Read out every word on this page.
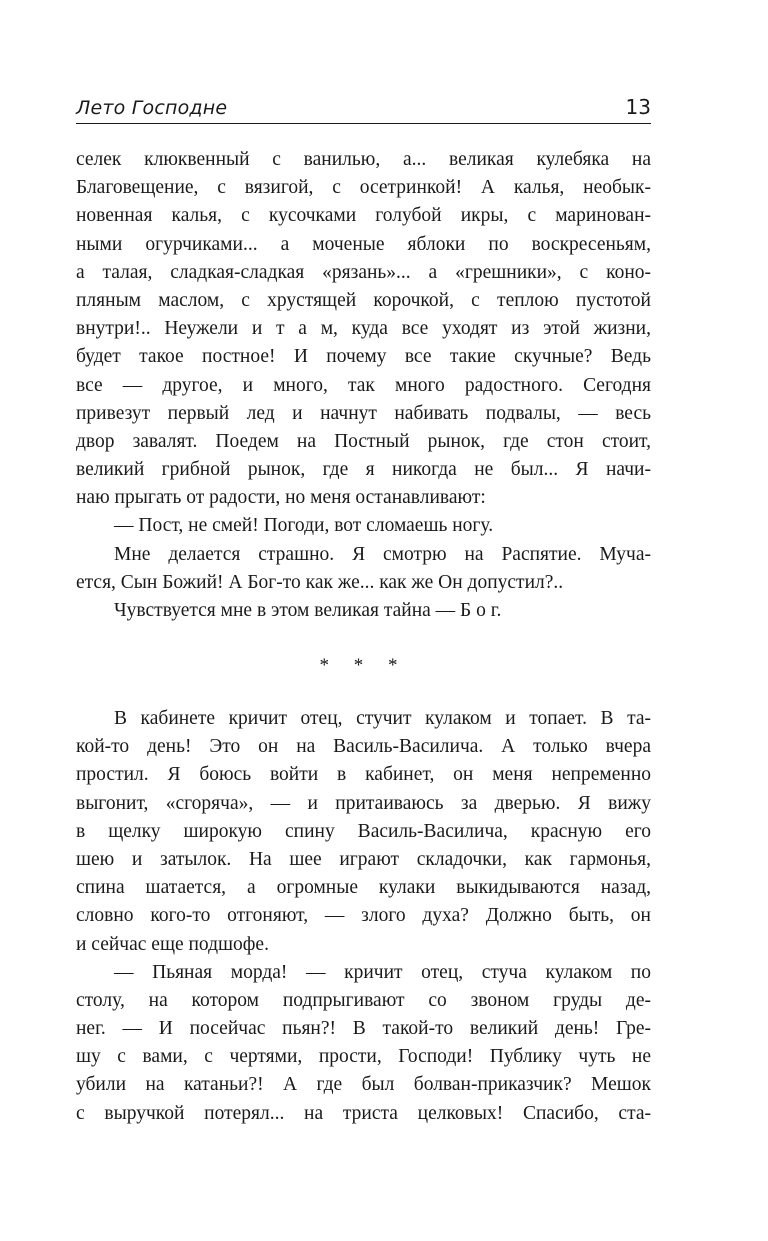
Лето Господне	13
селек клюквенный с ванилью, а... великая кулебяка на
Благовещение, с вязигой, с осетринкой! А калья, необык-
новенная калья, с кусочками голубой икры, с маринован-
ными огурчиками... а моченые яблоки по воскресеньям,
а талая, сладкая-сладкая «рязань»... а «грешники», с коно-
пляным маслом, с хрустящей корочкой, с теплою пустотой
внутри!.. Неужели и т а м, куда все уходят из этой жизни,
будет такое постное! И почему все такие скучные? Ведь
все — другое, и много, так много радостного. Сегодня
привезут первый лед и начнут набивать подвалы, — весь
двор завалят. Поедем на Постный рынок, где стон стоит,
великий грибной рынок, где я никогда не был... Я начи-
наю прыгать от радости, но меня останавливают:
— Пост, не смей! Погоди, вот сломаешь ногу.
Мне делается страшно. Я смотрю на Распятие. Муча-
ется, Сын Божий! А Бог-то как же... как же Он допустил?..
Чувствуется мне в этом великая тайна — Б о г.
* * *
В кабинете кричит отец, стучит кулаком и топает. В та-
кой-то день! Это он на Василь-Василича. А только вчера
простил. Я боюсь войти в кабинет, он меня непременно
выгонит, «сгоряча», — и притаиваюсь за дверью. Я вижу
в щелку широкую спину Василь-Василича, красную его
шею и затылок. На шее играют складочки, как гармонья,
спина шатается, а огромные кулаки выкидываются назад,
словно кого-то отгоняют, — злого духа? Должно быть, он
и сейчас еще подшофе.
— Пьяная морда! — кричит отец, стуча кулаком по
столу, на котором подпрыгивают со звоном груды де-
нег. — И посейчас пьян?! В такой-то великий день! Гре-
шу с вами, с чертями, прости, Господи! Публику чуть не
убили на катаньи?! А где был болван-приказчик? Мешок
с выручкой потерял... на триста целковых! Спасибо, ста-
